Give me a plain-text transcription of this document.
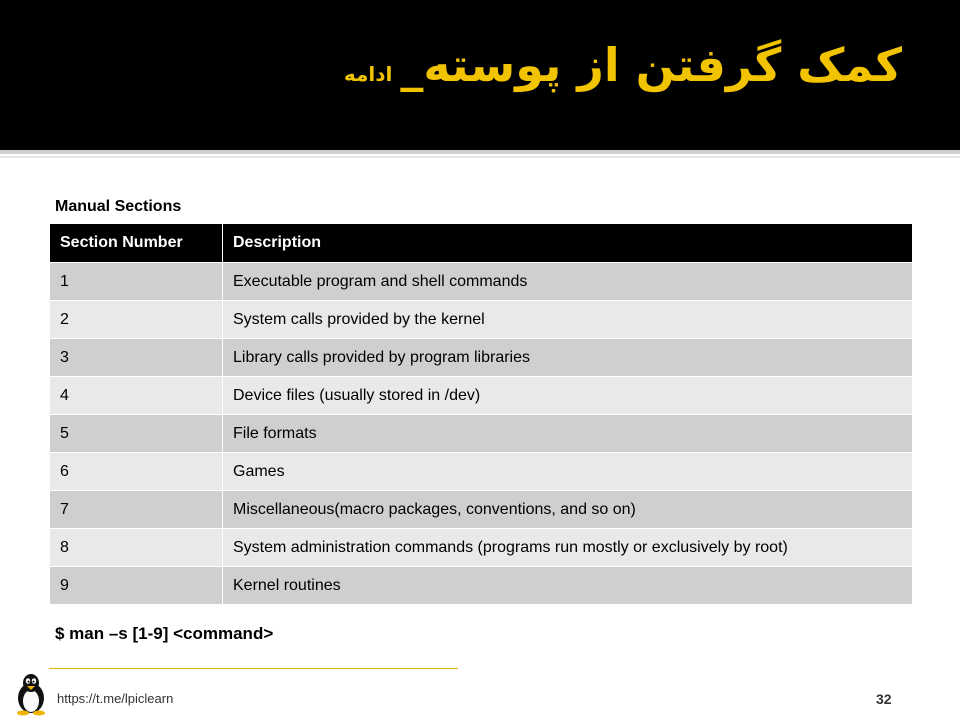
کمک گرفتن از پوسته_ادامه
Manual Sections
Section Number	Description
1	Executable program and shell commands
2	System calls provided by the kernel
3	Library calls provided by program libraries
4	Device files (usually stored in /dev)
5	File formats
6	Games
7	Miscellaneous(macro packages, conventions, and so on)
8	System administration commands (programs run mostly or exclusively by root)
9	Kernel routines
$ man –s [1-9] <command>
https://t.me/lpiclearn	32
